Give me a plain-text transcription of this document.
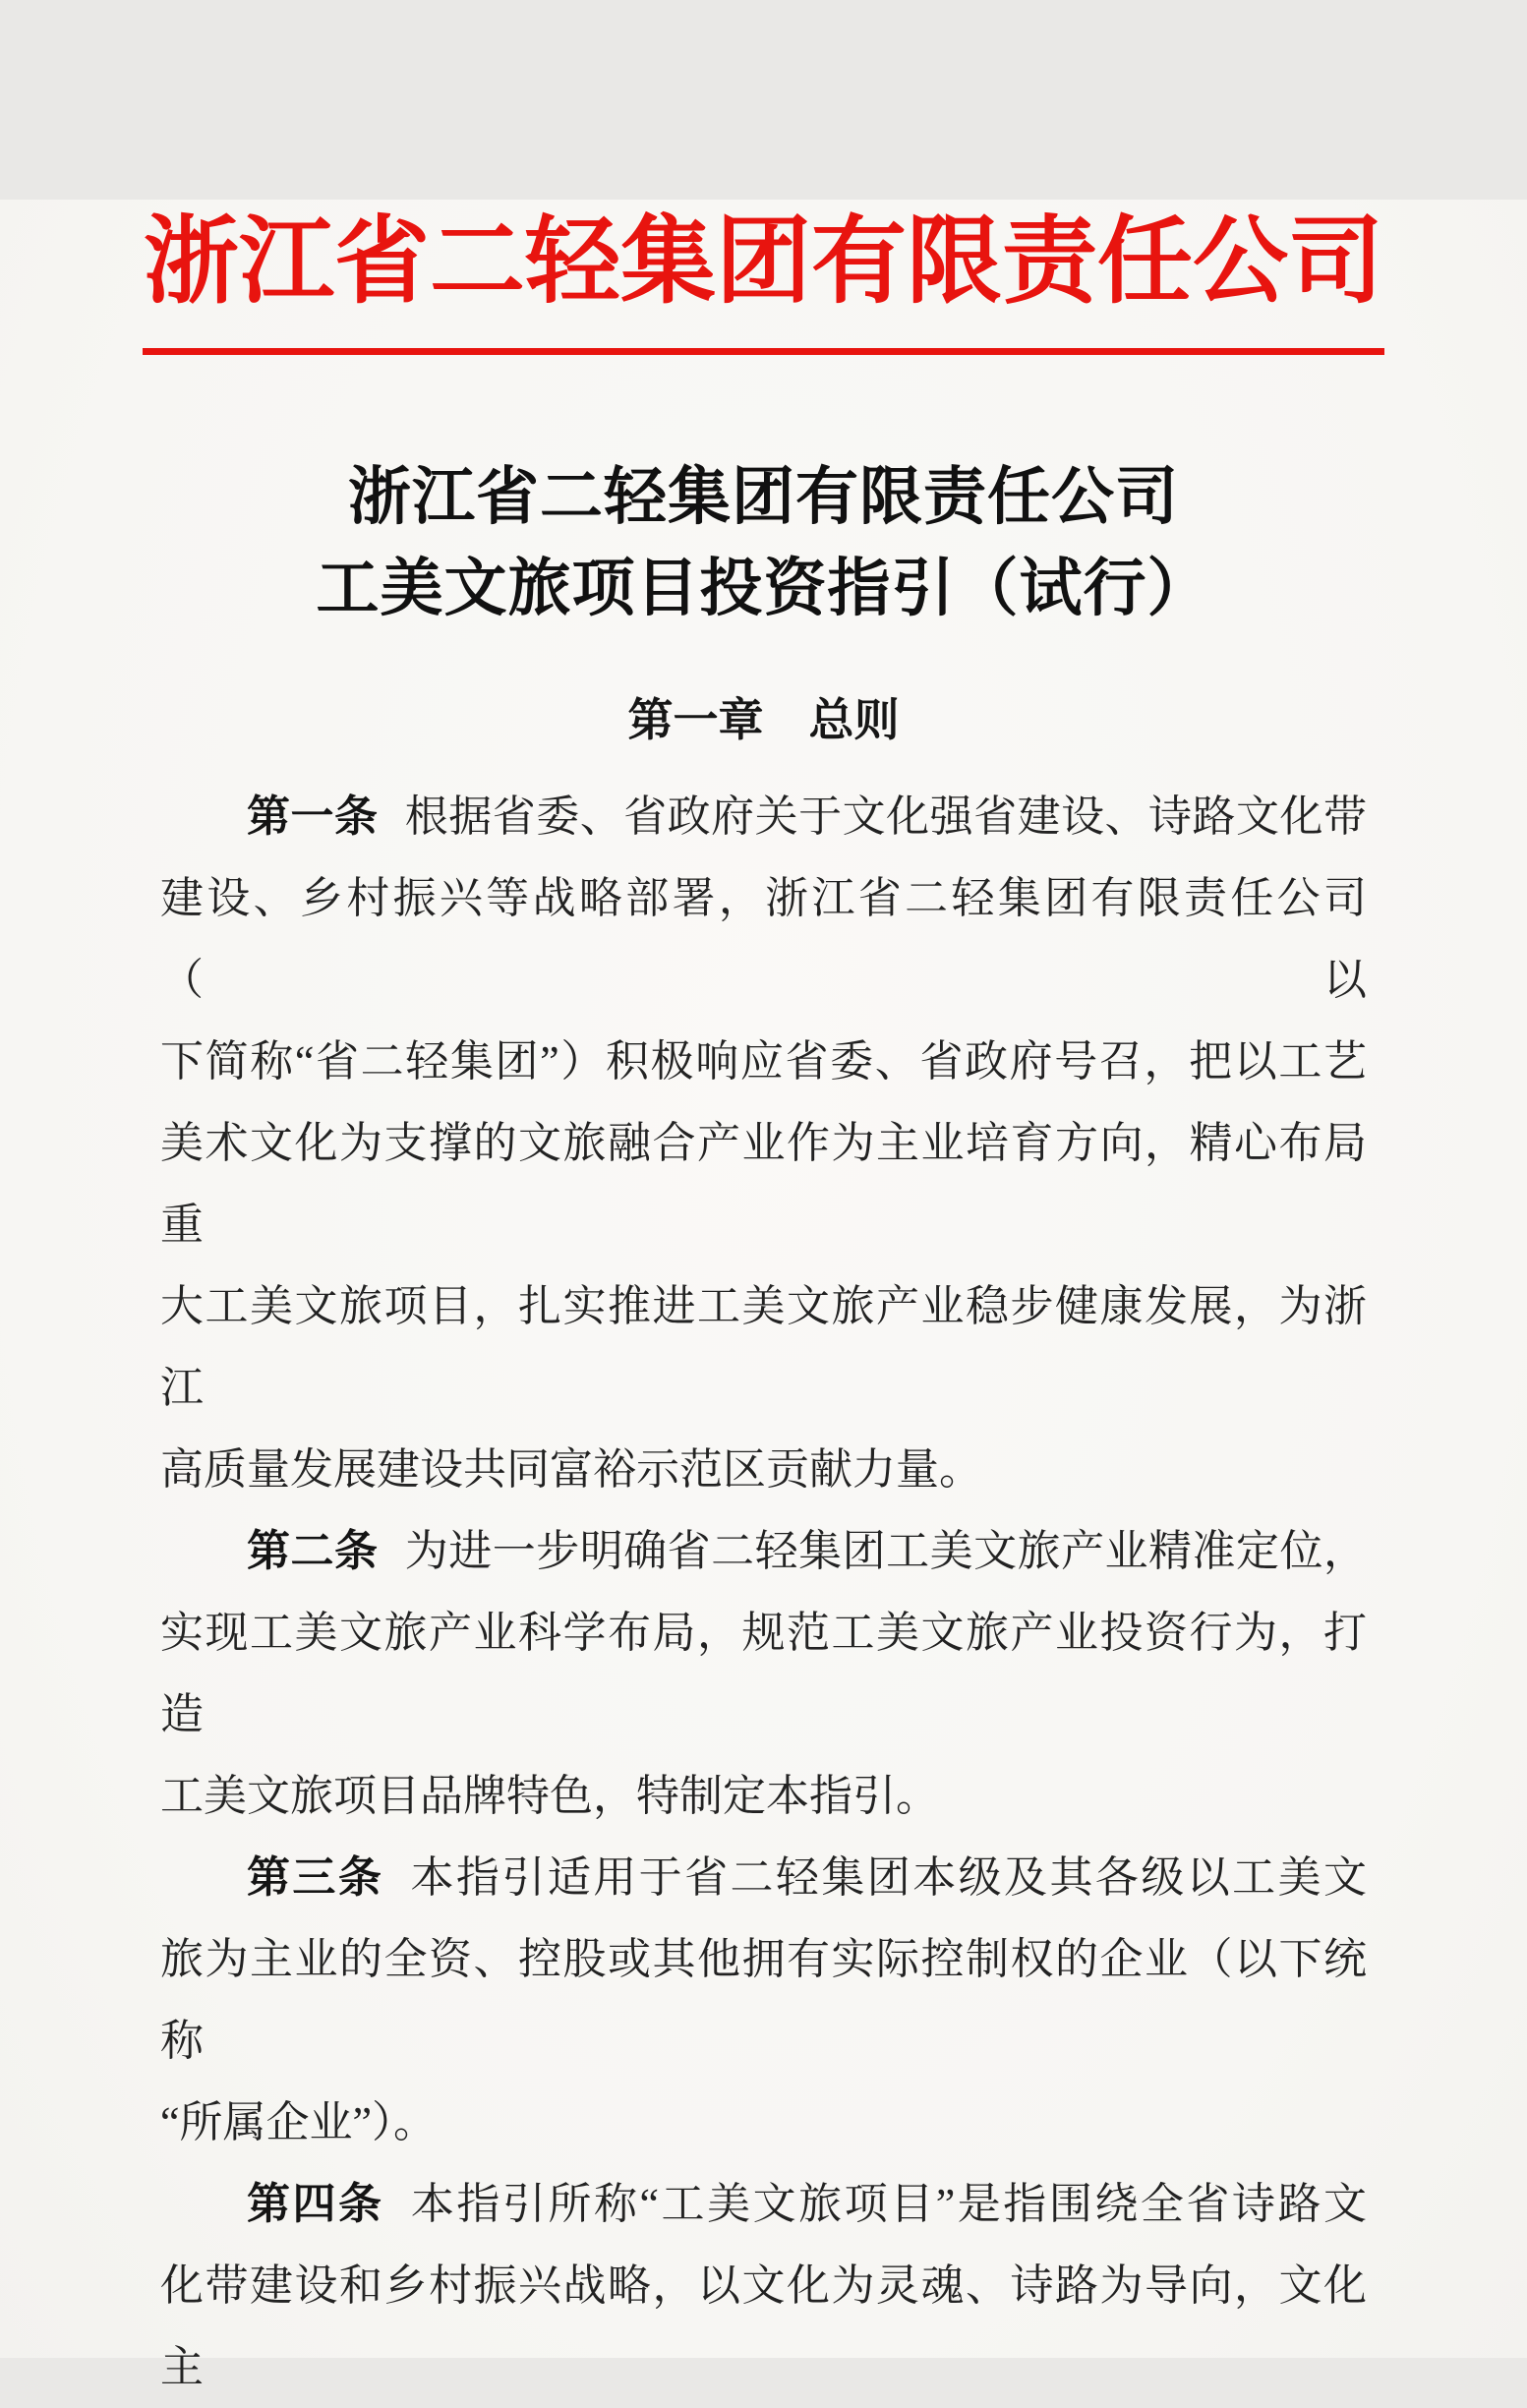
浙江省二轻集团有限责任公司
浙江省二轻集团有限责任公司
工美文旅项目投资指引（试行）
第一章　总则
第一条 根据省委、省政府关于文化强省建设、诗路文化带
建设、乡村振兴等战略部署，浙江省二轻集团有限责任公司（以
下简称“省二轻集团”）积极响应省委、省政府号召，把以工艺
美术文化为支撑的文旅融合产业作为主业培育方向，精心布局重
大工美文旅项目，扎实推进工美文旅产业稳步健康发展，为浙江
高质量发展建设共同富裕示范区贡献力量。
第二条 为进一步明确省二轻集团工美文旅产业精准定位，
实现工美文旅产业科学布局，规范工美文旅产业投资行为，打造
工美文旅项目品牌特色，特制定本指引。
第三条 本指引适用于省二轻集团本级及其各级以工美文
旅为主业的全资、控股或其他拥有实际控制权的企业（以下统称
“所属企业”）。
第四条 本指引所称“工美文旅项目”是指围绕全省诗路文
化带建设和乡村振兴战略，以文化为灵魂、诗路为导向，文化主
